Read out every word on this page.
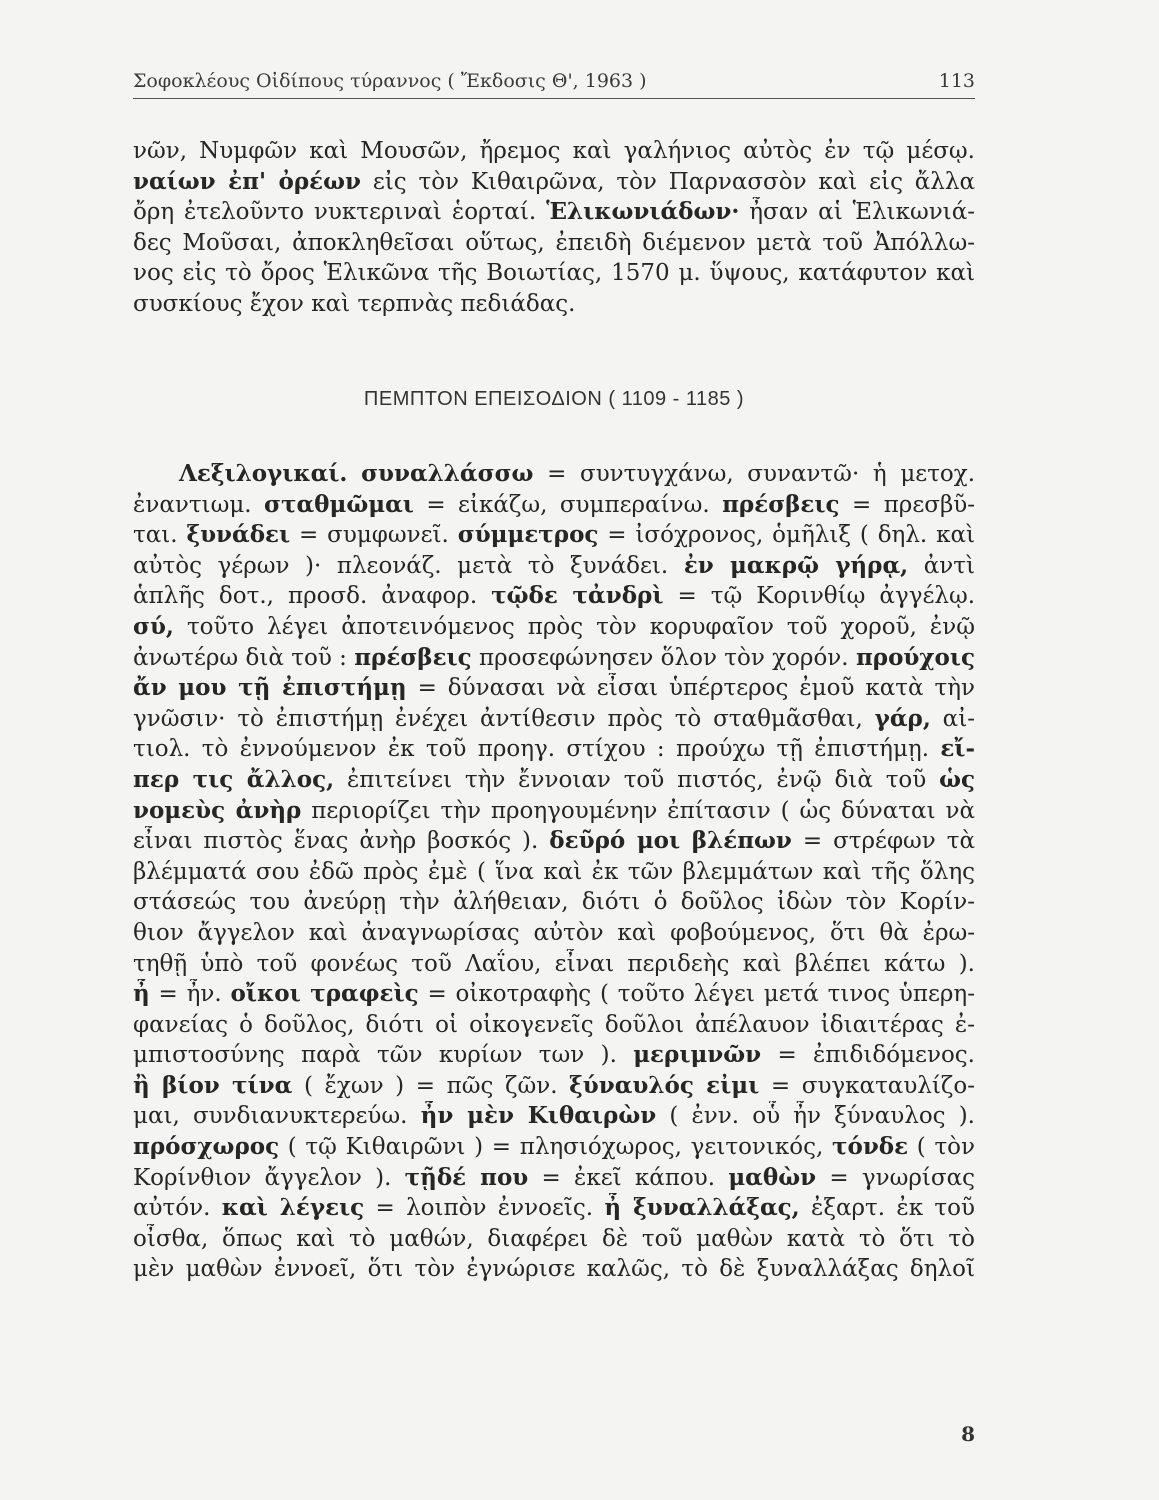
Σοφοκλέους Οἰδίπους τύραννος ( Ἔκδοσις Θ', 1963 )	113
νῶν, Νυμφῶν καὶ Μουσῶν, ἤρεμος καὶ γαλήνιος αὐτὸς ἐν τῷ μέσῳ.
ναίων ἐπ' ὀρέων εἰς τὸν Κιθαιρῶνα, τὸν Παρνασσὸν καὶ εἰς ἄλλα
ὄρη ἐτελοῦντο νυκτεριναὶ ἑορταί. Ἑλικωνιάδων· ἦσαν αἱ Ἑλικωνιά-
δες Μοῦσαι, ἀποκληθεῖσαι οὕτως, ἐπειδὴ διέμενον μετὰ τοῦ Ἀπόλλω-
νος εἰς τὸ ὄρος Ἑλικῶνα τῆς Βοιωτίας, 1570 μ. ὕψους, κατάφυτον καὶ
συσκίους ἔχον καὶ τερπνὰς πεδιάδας.
ΠΕΜΠΤΟΝ ΕΠΕΙΣΟΔΙΟΝ ( 1109 - 1185 )
Λεξιλογικαί. συναλλάσσω = συντυγχάνω, συναντῶ· ἡ μετοχ.
ἐναντιωμ. σταθμῶμαι = εἰκάζω, συμπεραίνω. πρέσβεις = πρεσβῦ-
ται. ξυνάδει = συμφωνεῖ. σύμμετρος = ἰσόχρονος, ὁμῆλιξ ( δηλ. καὶ
αὐτὸς γέρων )· πλεονάζ. μετὰ τὸ ξυνάδει. ἐν μακρῷ γήρᾳ, ἀντὶ
ἁπλῆς δοτ., προσδ. ἀναφορ. τῷδε τἀνδρὶ = τῷ Κορινθίῳ ἀγγέλῳ.
σύ, τοῦτο λέγει ἀποτεινόμενος πρὸς τὸν κορυφαῖον τοῦ χοροῦ, ἐνῷ
ἀνωτέρω διὰ τοῦ : πρέσβεις προσεφώνησεν ὅλον τὸν χορόν. προύχοις
ἄν μου τῇ ἐπιστήμῃ = δύνασαι νὰ εἶσαι ὑπέρτερος ἐμοῦ κατὰ τὴν
γνῶσιν· τὸ ἐπιστήμῃ ἐνέχει ἀντίθεσιν πρὸς τὸ σταθμᾶσθαι, γάρ, αἰ-
τιολ. τὸ ἐννούμενον ἐκ τοῦ προηγ. στίχου : προύχω τῇ ἐπιστήμῃ. εἴ-
περ τις ἄλλος, ἐπιτείνει τὴν ἔννοιαν τοῦ πιστός, ἐνῷ διὰ τοῦ ὡς
νομεὺς ἀνὴρ περιορίζει τὴν προηγουμένην ἐπίτασιν ( ὡς δύναται νὰ
εἶναι πιστὸς ἕνας ἀνὴρ βοσκός ). δεῦρό μοι βλέπων = στρέφων τὰ
βλέμματά σου ἐδῶ πρὸς ἐμὲ ( ἵνα καὶ ἐκ τῶν βλεμμάτων καὶ τῆς ὅλης
στάσεώς του ἀνεύρῃ τὴν ἀλήθειαν, διότι ὁ δοῦλος ἰδὼν τὸν Κορίν-
θιον ἄγγελον καὶ ἀναγνωρίσας αὐτὸν καὶ φοβούμενος, ὅτι θὰ ἐρω-
τηθῇ ὑπὸ τοῦ φονέως τοῦ Λαΐου, εἶναι περιδεὴς καὶ βλέπει κάτω ).
ἦ = ἦν. οἴκοι τραφεὶς = οἰκοτραφὴς ( τοῦτο λέγει μετά τινος ὑπερη-
φανείας ὁ δοῦλος, διότι οἱ οἰκογενεῖς δοῦλοι ἀπέλαυον ἰδιαιτέρας ἐ-
μπιστοσύνης παρὰ τῶν κυρίων των ). μεριμνῶν = ἐπιδιδόμενος.
ἢ βίον τίνα ( ἔχων ) = πῶς ζῶν. ξύναυλός εἰμι = συγκαταυλίζο-
μαι, συνδιανυκτερεύω. ἦν μὲν Κιθαιρὼν ( ἐνν. οὗ ἦν ξύναυλος ).
πρόσχωρος ( τῷ Κιθαιρῶνι ) = πλησιόχωρος, γειτονικός, τόνδε ( τὸν
Κορίνθιον ἄγγελον ). τῇδέ που = ἐκεῖ κάπου. μαθὼν = γνωρίσας
αὐτόν. καὶ λέγεις = λοιπὸν ἐννοεῖς. ἦ ξυναλλάξας, ἐξαρτ. ἐκ τοῦ
οἶσθα, ὅπως καὶ τὸ μαθών, διαφέρει δὲ τοῦ μαθὼν κατὰ τὸ ὅτι τὸ
μὲν μαθὼν ἐννοεῖ, ὅτι τὸν ἐγνώρισε καλῶς, τὸ δὲ ξυναλλάξας δηλοῖ
8
